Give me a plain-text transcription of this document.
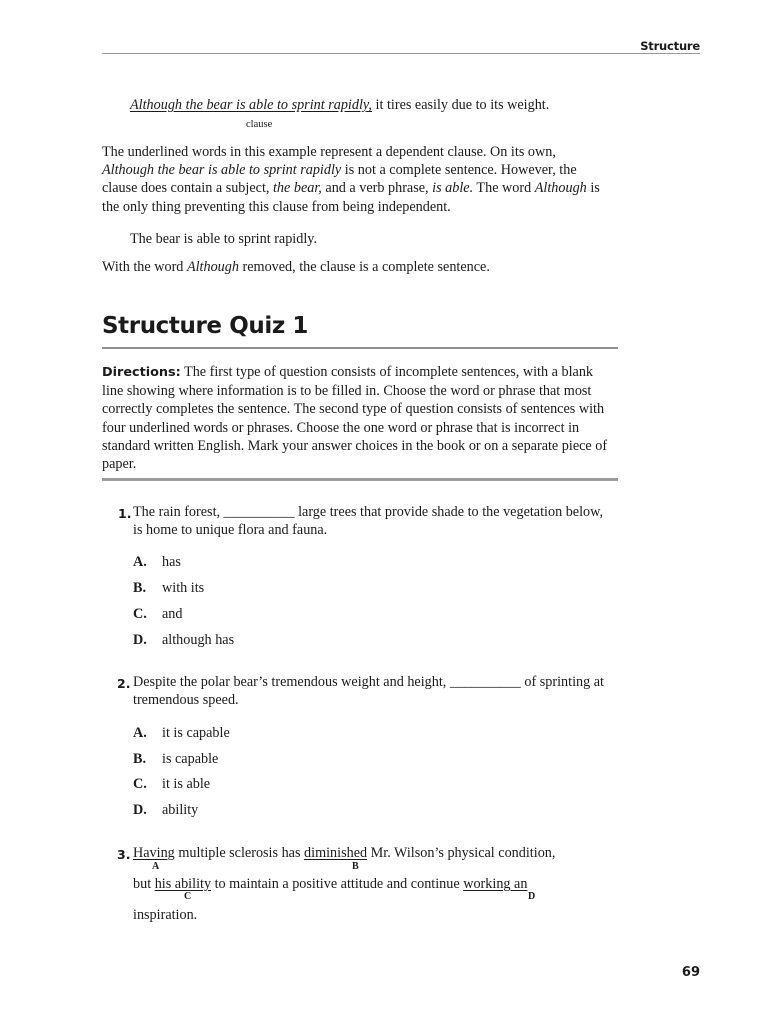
Structure
Although the bear is able to sprint rapidly, it tires easily due to its weight.
clause

The underlined words in this example represent a dependent clause. On its own,
Although the bear is able to sprint rapidly is not a complete sentence. However, the clause does contain a subject, the bear, and a verb phrase, is able. The word Although is the only thing preventing this clause from being independent.

The bear is able to sprint rapidly.

With the word Although removed, the clause is a complete sentence.

Structure Quiz 1

Directions: The first type of question consists of incomplete sentences, with a blank line showing where information is to be filled in. Choose the word or phrase that most correctly completes the sentence. The second type of question consists of sentences with four underlined words or phrases. Choose the one word or phrase that is incorrect in standard written English. Mark your answer choices in the book or on a separate piece of paper.

1. The rain forest, __________ large trees that provide shade to the vegetation below, is home to unique flora and fauna.

A. has
B. with its
C. and
D. although has
2. Despite the polar bear’s tremendous weight and height, __________ of sprinting at tremendous speed.

A. it is capable
B. is capable
C. it is able
D. ability
3. Having multiple sclerosis has diminished Mr. Wilson’s physical condition,
A	B
but his ability to maintain a positive attitude and continue working an
C	D
inspiration.
69
